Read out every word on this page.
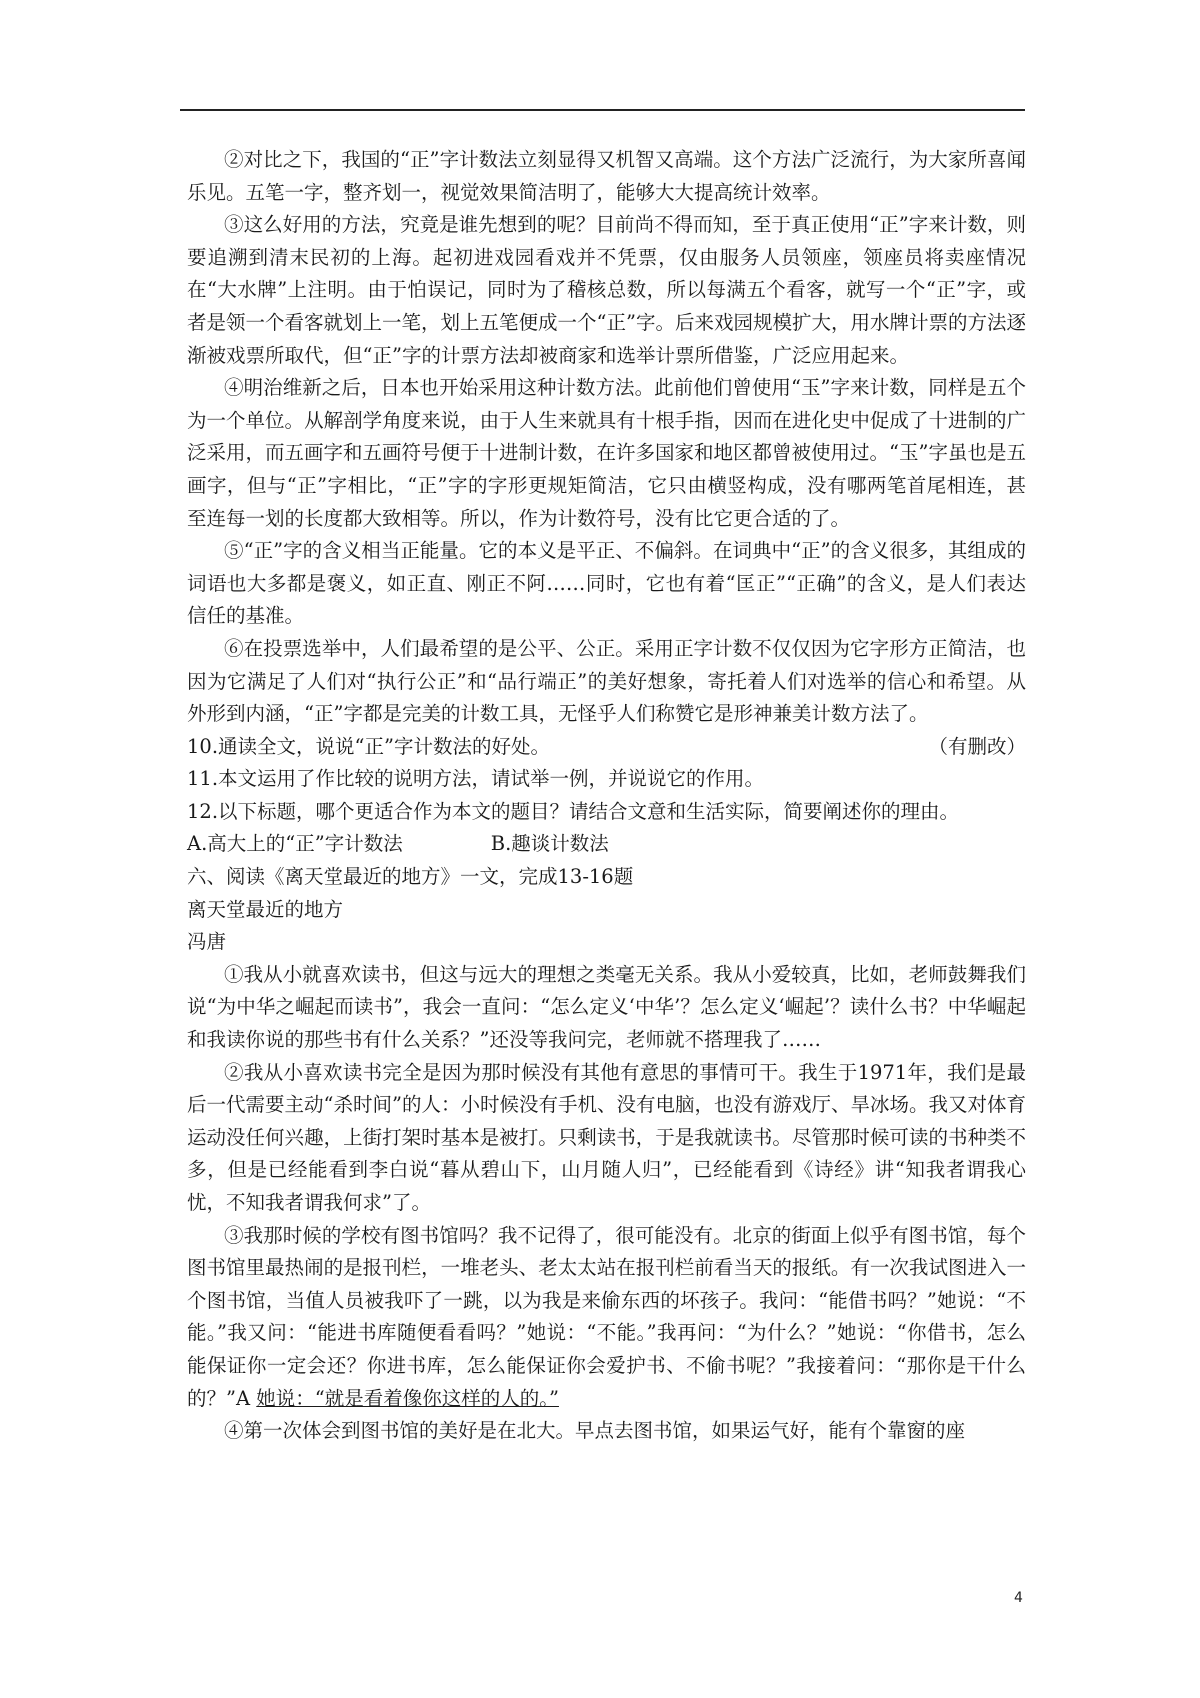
②对比之下，我国的“正”字计数法立刻显得又机智又高端。这个方法广泛流行，为大家所喜闻乐见。五笔一字，整齐划一，视觉效果简洁明了，能够大大提高统计效率。

③这么好用的方法，究竟是谁先想到的呢？目前尚不得而知，至于真正使用“正”字来计数，则要追溯到清末民初的上海。起初进戏园看戏并不凭票，仅由服务人员领座，领座员将卖座情况在“大水牌”上注明。由于怕误记，同时为了稽核总数，所以每满五个看客，就写一个“正”字，或者是领一个看客就划上一笔，划上五笔便成一个“正”字。后来戏园规模扩大，用水牌计票的方法逐渐被戏票所取代，但“正”字的计票方法却被商家和选举计票所借鉴，广泛应用起来。

④明治维新之后，日本也开始采用这种计数方法。此前他们曾使用“玉”字来计数，同样是五个为一个单位。从解剖学角度来说，由于人生来就具有十根手指，因而在进化史中促成了十进制的广泛采用，而五画字和五画符号便于十进制计数，在许多国家和地区都曾被使用过。“玉”字虽也是五画字，但与“正”字相比，“正”字的字形更规矩简洁，它只由横竖构成，没有哪两笔首尾相连，甚至连每一划的长度都大致相等。所以，作为计数符号，没有比它更合适的了。

⑤“正”字的含义相当正能量。它的本义是平正、不偏斜。在词典中“正”的含义很多，其组成的词语也大多都是褒义，如正直、刚正不阿……同时，它也有着“匡正”“正确”的含义，是人们表达信任的基准。

⑥在投票选举中，人们最希望的是公平、公正。采用正字计数不仅仅因为它字形方正简洁，也因为它满足了人们对“执行公正”和“品行端正”的美好想象，寄托着人们对选举的信心和希望。从外形到内涵，“正”字都是完美的计数工具，无怪乎人们称赞它是形神兼美计数方法了。
（有删改）

10.通读全文，说说“正”字计数法的好处。

11.本文运用了作比较的说明方法，请试举一例，并说说它的作用。

12.以下标题，哪个更适合作为本文的题目？请结合文意和生活实际，简要阐述你的理由。

A.高大上的“正”字计数法	B.趣谈计数法

六、阅读《离天堂最近的地方》一文，完成13-16题

离天堂最近的地方

冯唐

①我从小就喜欢读书，但这与远大的理想之类毫无关系。我从小爱较真，比如，老师鼓舞我们说“为中华之崛起而读书”，我会一直问：“怎么定义‘中华’？怎么定义‘崛起’？读什么书？中华崛起和我读你说的那些书有什么关系？”还没等我问完，老师就不搭理我了……

②我从小喜欢读书完全是因为那时候没有其他有意思的事情可干。我生于1971年，我们是最后一代需要主动“杀时间”的人：小时候没有手机、没有电脑，也没有游戏厅、旱冰场。我又对体育运动没任何兴趣，上街打架时基本是被打。只剩读书，于是我就读书。尽管那时候可读的书种类不多，但是已经能看到李白说“暮从碧山下，山月随人归”，已经能看到《诗经》讲“知我者谓我心忧，不知我者谓我何求”了。

③我那时候的学校有图书馆吗？我不记得了，很可能没有。北京的街面上似乎有图书馆，每个图书馆里最热闹的是报刊栏，一堆老头、老太太站在报刊栏前看当天的报纸。有一次我试图进入一个图书馆，当值人员被我吓了一跳，以为我是来偷东西的坏孩子。我问：“能借书吗？”她说：“不能。”我又问：“能进书库随便看看吗？”她说：“不能。”我再问：“为什么？”她说：“你借书，怎么能保证你一定会还？你进书库，怎么能保证你会爱护书、不偷书呢？”我接着问：“那你是干什么的？”A 她说：“就是看着像你这样的人的。”

④第一次体会到图书馆的美好是在北大。早点去图书馆，如果运气好，能有个靠窗的座

4
